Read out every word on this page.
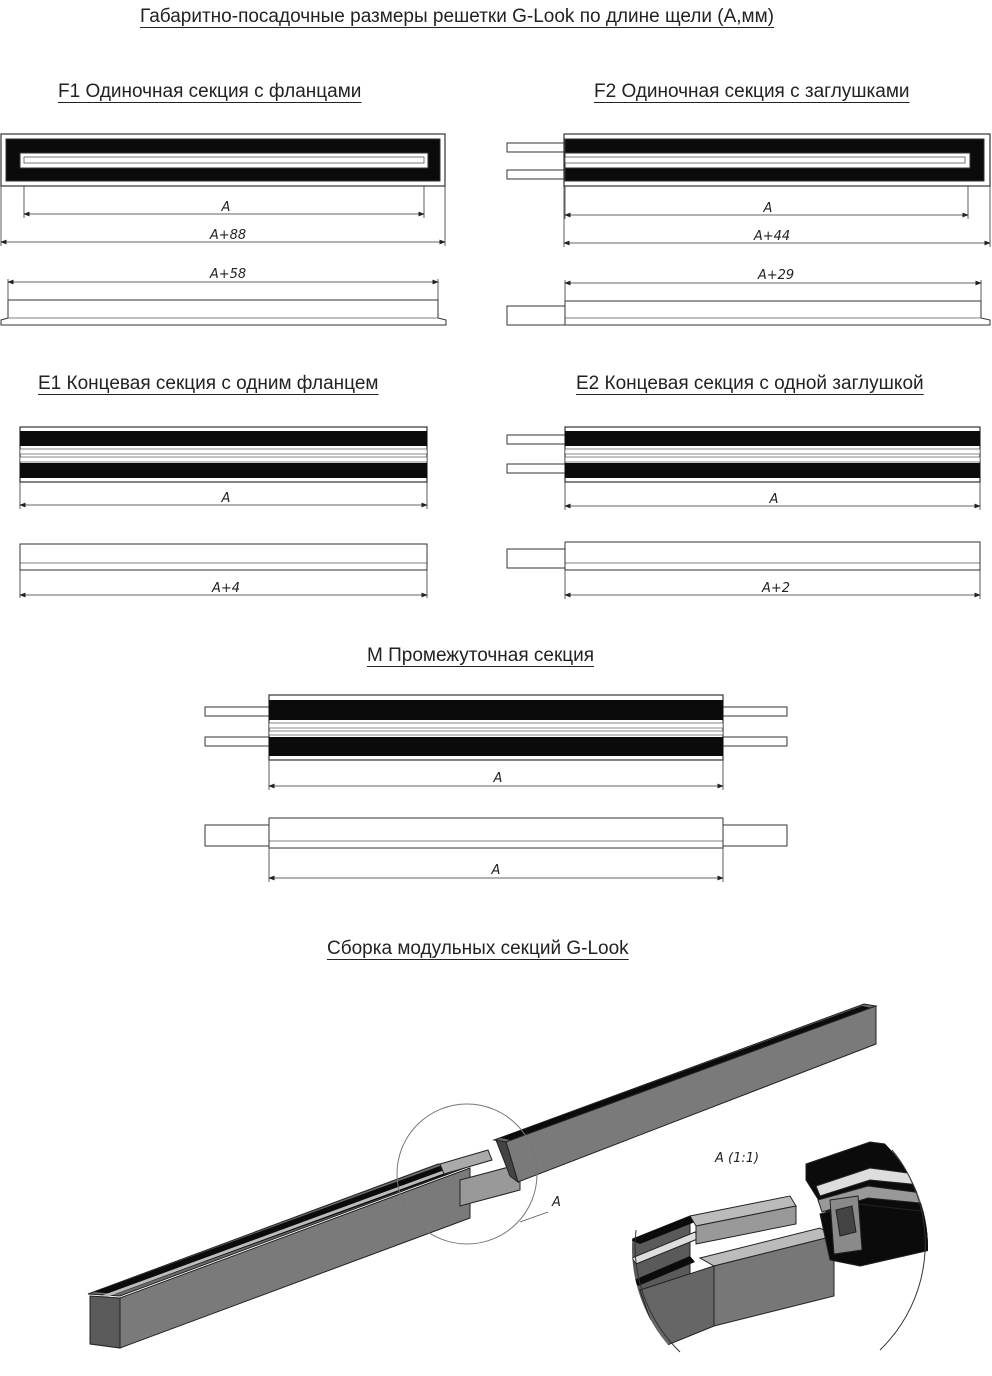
Габаритно-посадочные размеры решетки G-Look по длине щели (А,мм)
F1 Одиночная секция с фланцами	F2 Одиночная секция с заглушками
E1 Концевая секция с одним фланцем	E2 Концевая секция с одной заглушкой
M Промежуточная секция
Сборка модульных секций G-Look
A
A+88
A+58
A
A+44
A+29
A
A+4
A
A+2
A
A
A
A (1:1)
